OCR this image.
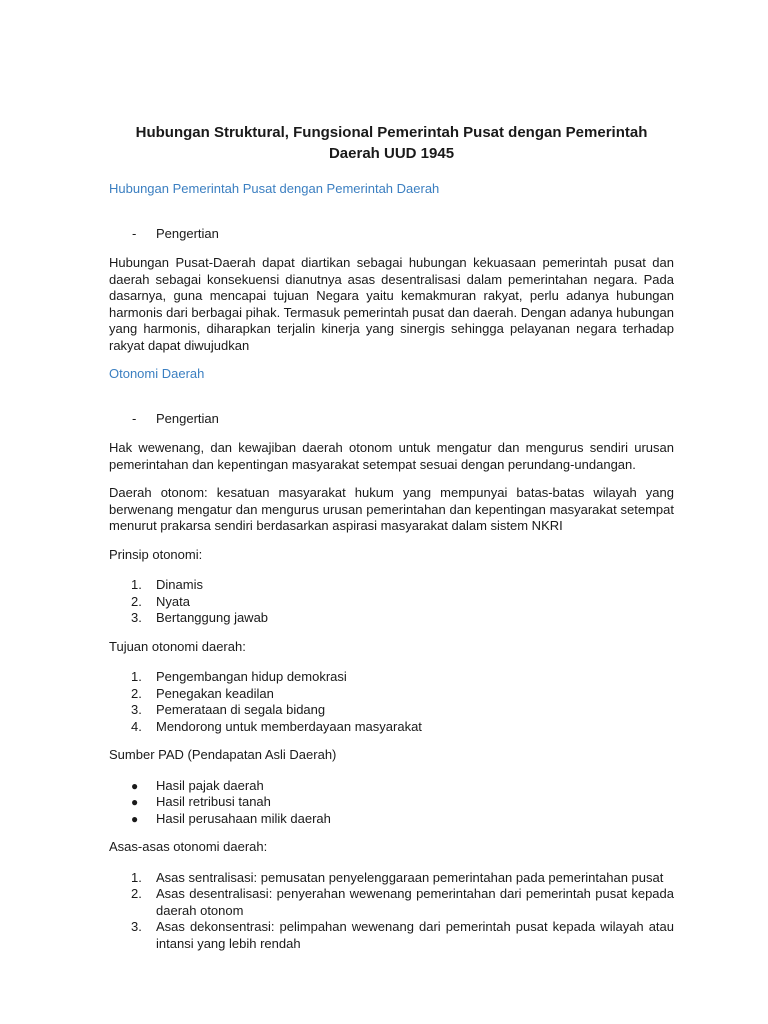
Hubungan Struktural, Fungsional Pemerintah Pusat dengan Pemerintah Daerah UUD 1945

Hubungan Pemerintah Pusat dengan Pemerintah Daerah

- Pengertian

Hubungan Pusat-Daerah dapat diartikan sebagai hubungan kekuasaan pemerintah pusat dan daerah sebagai konsekuensi dianutnya asas desentralisasi dalam pemerintahan negara. Pada dasarnya, guna mencapai tujuan Negara yaitu kemakmuran rakyat, perlu adanya hubungan harmonis dari berbagai pihak. Termasuk pemerintah pusat dan daerah. Dengan adanya hubungan yang harmonis, diharapkan terjalin kinerja yang sinergis sehingga pelayanan negara terhadap rakyat dapat diwujudkan

Otonomi Daerah

- Pengertian

Hak wewenang, dan kewajiban daerah otonom untuk mengatur dan mengurus sendiri urusan pemerintahan dan kepentingan masyarakat setempat sesuai dengan perundang-undangan.

Daerah otonom: kesatuan masyarakat hukum yang mempunyai batas-batas wilayah yang berwenang mengatur dan mengurus urusan pemerintahan dan kepentingan masyarakat setempat menurut prakarsa sendiri berdasarkan aspirasi masyarakat dalam sistem NKRI

Prinsip otonomi:

1. Dinamis
2. Nyata
3. Bertanggung jawab

Tujuan otonomi daerah:

1. Pengembangan hidup demokrasi
2. Penegakan keadilan
3. Pemerataan di segala bidang
4. Mendorong untuk memberdayaan masyarakat

Sumber PAD (Pendapatan Asli Daerah)

● Hasil pajak daerah
● Hasil retribusi tanah
● Hasil perusahaan milik daerah

Asas-asas otonomi daerah:

1. Asas sentralisasi: pemusatan penyelenggaraan pemerintahan pada pemerintahan pusat
2. Asas desentralisasi: penyerahan wewenang pemerintahan dari pemerintah pusat kepada daerah otonom
3. Asas dekonsentrasi: pelimpahan wewenang dari pemerintah pusat kepada wilayah atau intansi yang lebih rendah
